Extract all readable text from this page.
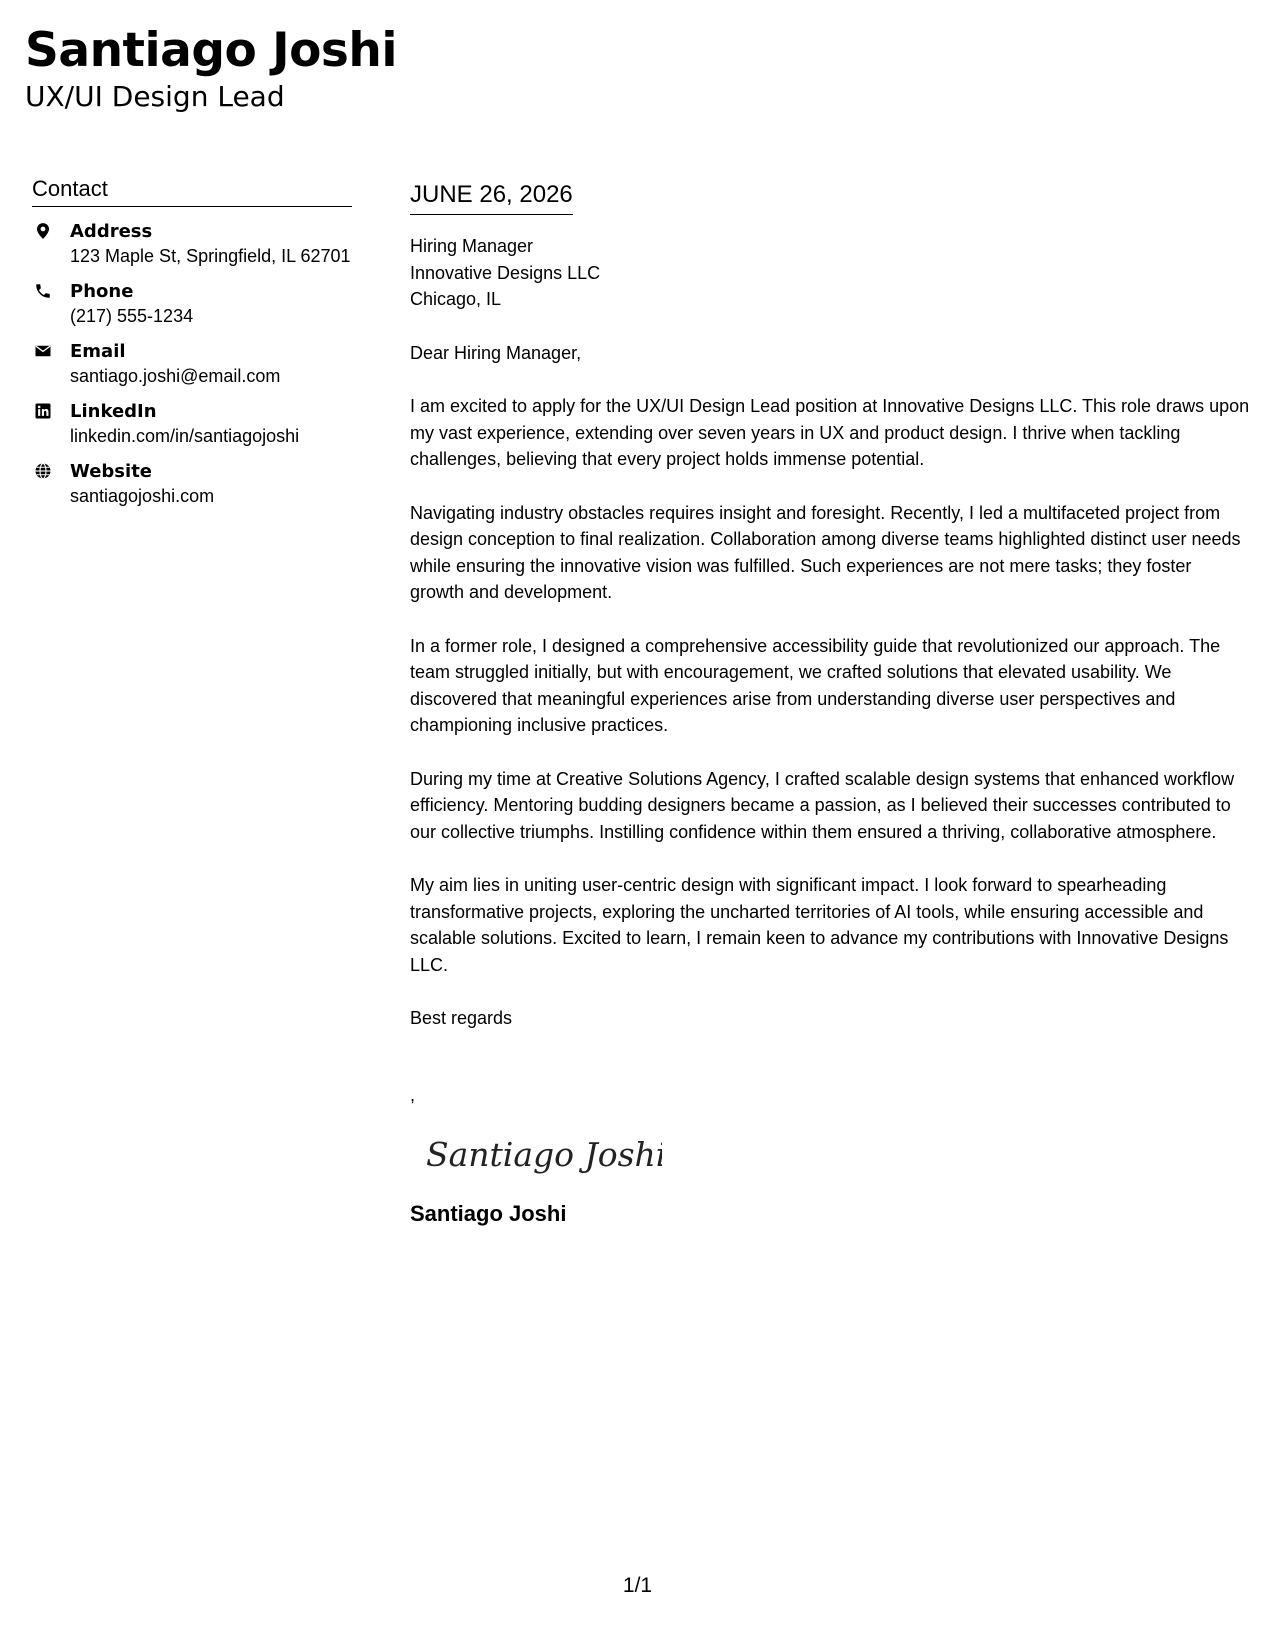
Santiago Joshi
UX/UI Design Lead
Contact
Address
123 Maple St, Springfield, IL 62701
Phone
(217) 555-1234
Email
santiago.joshi@email.com
LinkedIn
linkedin.com/in/santiagojoshi
Website
santiagojoshi.com
JUNE 26, 2026
Hiring Manager
Innovative Designs LLC
Chicago, IL

Dear Hiring Manager,

I am excited to apply for the UX/UI Design Lead position at Innovative Designs LLC. This role draws upon my vast experience, extending over seven years in UX and product design. I thrive when tackling challenges, believing that every project holds immense potential.

Navigating industry obstacles requires insight and foresight. Recently, I led a multifaceted project from design conception to final realization. Collaboration among diverse teams highlighted distinct user needs while ensuring the innovative vision was fulfilled. Such experiences are not mere tasks; they foster growth and development.

In a former role, I designed a comprehensive accessibility guide that revolutionized our approach. The team struggled initially, but with encouragement, we crafted solutions that elevated usability. We discovered that meaningful experiences arise from understanding diverse user perspectives and championing inclusive practices.

During my time at Creative Solutions Agency, I crafted scalable design systems that enhanced workflow efficiency. Mentoring budding designers became a passion, as I believed their successes contributed to our collective triumphs. Instilling confidence within them ensured a thriving, collaborative atmosphere.

My aim lies in uniting user-centric design with significant impact. I look forward to spearheading transformative projects, exploring the uncharted territories of AI tools, while ensuring accessible and scalable solutions. Excited to learn, I remain keen to advance my contributions with Innovative Designs LLC.

Best regards
,
Santiago Joshi
Santiago Joshi
1/1
